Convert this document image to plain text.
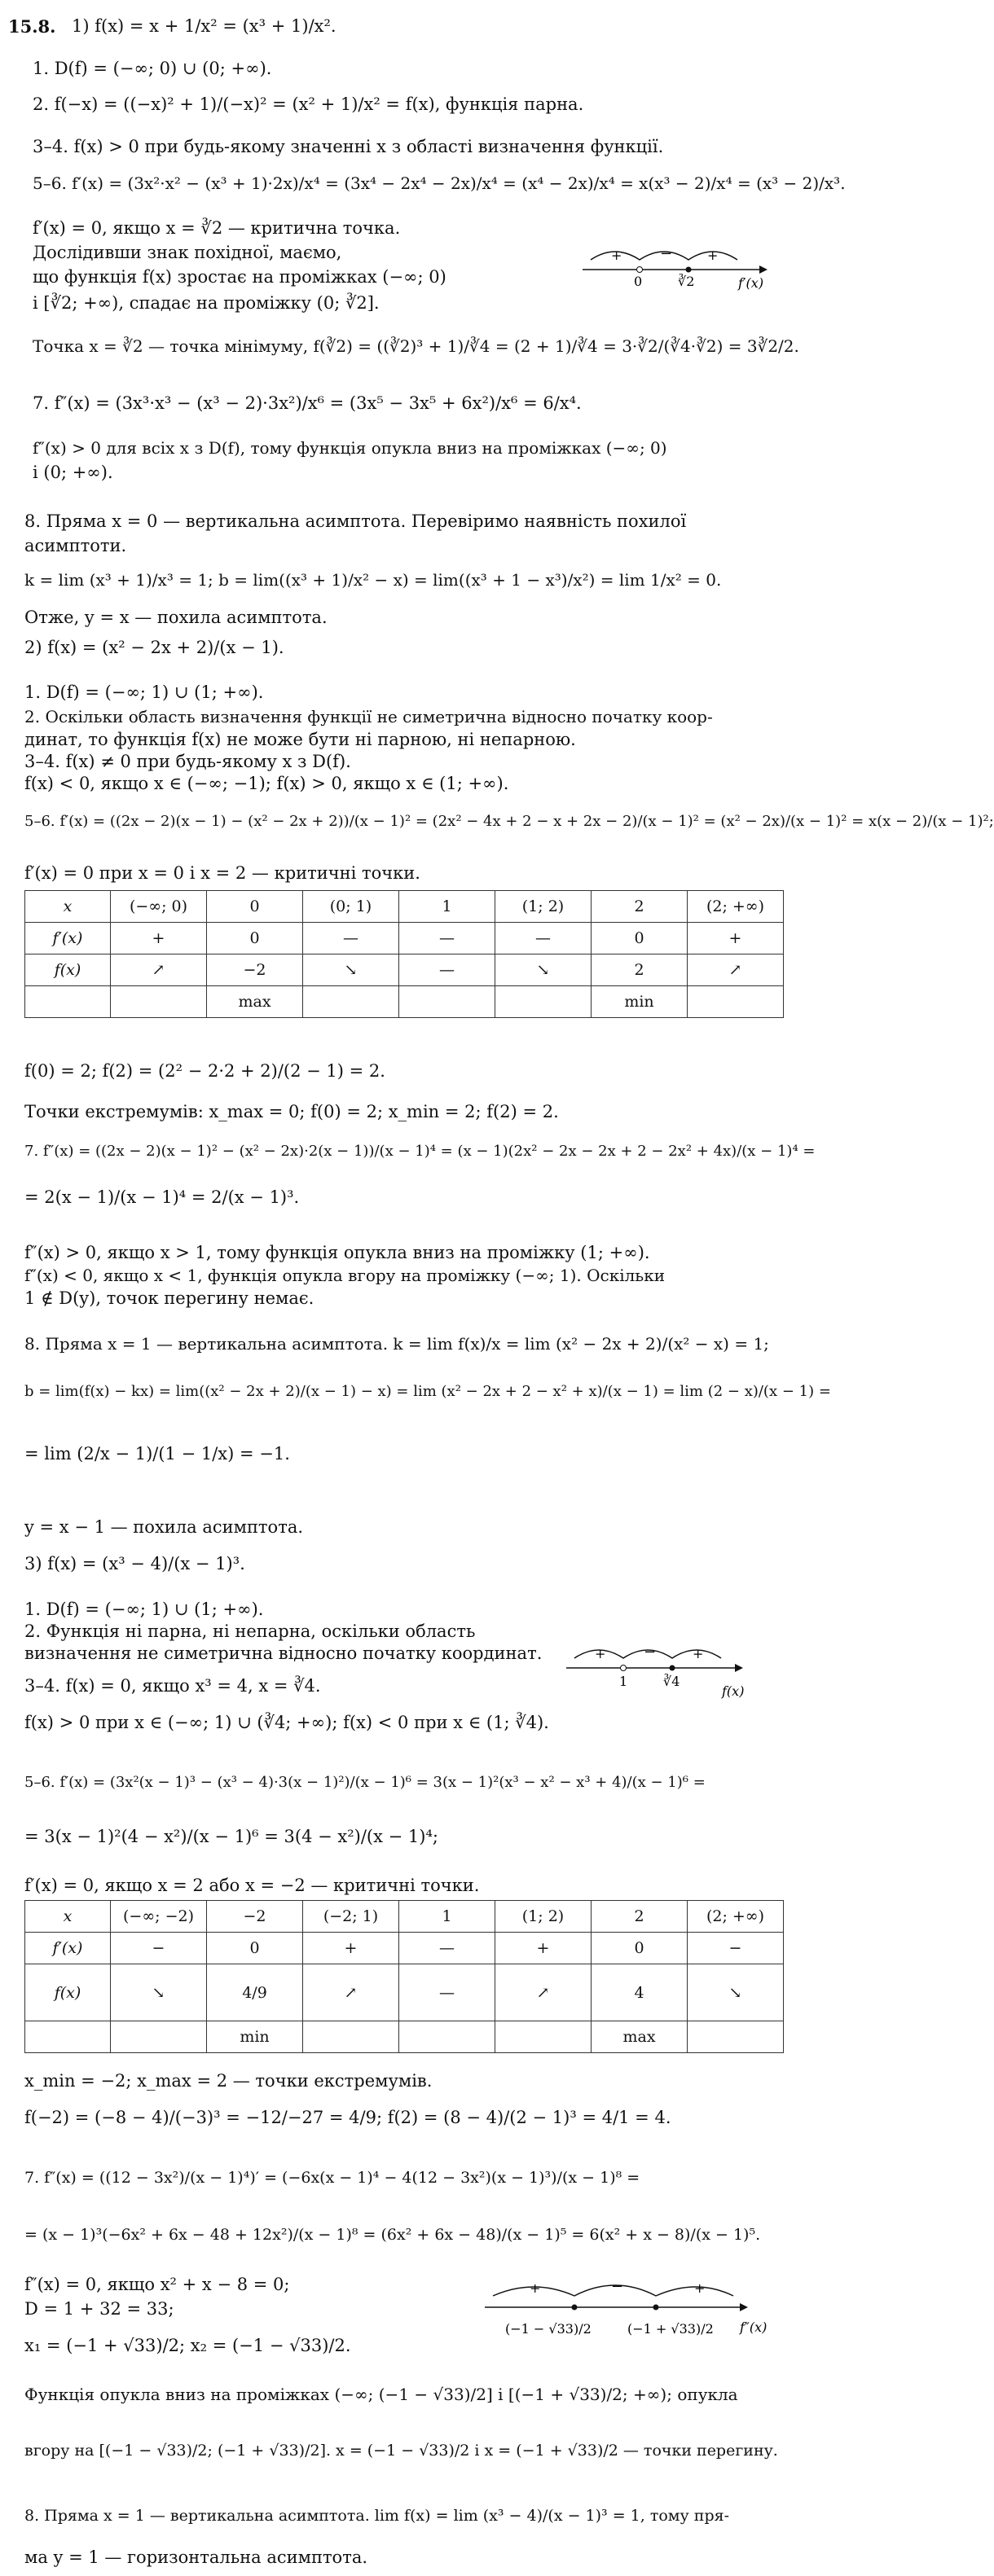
15.8. 1) f(x) = x + 1/x² = (x³ + 1)/x².
1. D(f) = (−∞; 0) ∪ (0; +∞).
2. f(−x) = ((−x)² + 1)/(−x)² = (x² + 1)/x² = f(x), функція парна.
3–4. f(x) > 0 при будь-якому значенні x з області визначення функції.
5–6. f′(x) = (3x²·x² − (x³ + 1)·2x)/x⁴ = (3x⁴ − 2x⁴ − 2x)/x⁴ = (x⁴ − 2x)/x⁴ = x(x³ − 2)/x⁴ = (x³ − 2)/x³.
f′(x) = 0, якщо x = ∛2 — критична точка.
Дослідивши знак похідної, маємо,
що функція f(x) зростає на проміжках (−∞; 0)
і [∛2; +∞), спадає на проміжку (0; ∛2].
+	−	+
0	∛2	f′(x)
Точка x = ∛2 — точка мінімуму, f(∛2) = ((∛2)³ + 1)/∛4 = (2 + 1)/∛4 = 3·∛2/(∛4·∛2) = 3∛2/2.
7. f″(x) = (3x³·x³ − (x³ − 2)·3x²)/x⁶ = (3x⁵ − 3x⁵ + 6x²)/x⁶ = 6/x⁴.
f″(x) > 0 для всіх x з D(f), тому функція опукла вниз на проміжках (−∞; 0)
і (0; +∞).
8. Пряма x = 0 — вертикальна асимптота. Перевіримо наявність похилої
асимптоти.
k = lim (x³ + 1)/x³ = 1; b = lim((x³ + 1)/x² − x) = lim((x³ + 1 − x³)/x²) = lim 1/x² = 0.
Отже, y = x — похила асимптота.
2) f(x) = (x² − 2x + 2)/(x − 1).
1. D(f) = (−∞; 1) ∪ (1; +∞).
2. Оскільки область визначення функції не симетрична відносно початку коор-
динат, то функція f(x) не може бути ні парною, ні непарною.
3–4. f(x) ≠ 0 при будь-якому x з D(f).
f(x) < 0, якщо x ∈ (−∞; −1); f(x) > 0, якщо x ∈ (1; +∞).
5–6. f′(x) = ((2x − 2)(x − 1) − (x² − 2x + 2))/(x − 1)² = (2x² − 4x + 2 − x + 2x − 2)/(x − 1)² = (x² − 2x)/(x − 1)² = x(x − 2)/(x − 1)²;
f′(x) = 0 при x = 0 і x = 2 — критичні точки.
x	(−∞; 0)	0	(0; 1)	1	(1; 2)	2	(2; +∞)
f′(x)	+	0	—	—	—	0	+
f(x)	↗	−2	↘	—	↘	2	↗
		max				min	
f(0) = 2; f(2) = (2² − 2·2 + 2)/(2 − 1) = 2.
Точки екстремумів: x_max = 0; f(0) = 2; x_min = 2; f(2) = 2.
7. f″(x) = ((2x − 2)(x − 1)² − (x² − 2x)·2(x − 1))/(x − 1)⁴ = (x − 1)(2x² − 2x − 2x + 2 − 2x² + 4x)/(x − 1)⁴ =
= 2(x − 1)/(x − 1)⁴ = 2/(x − 1)³.
f″(x) > 0, якщо x > 1, тому функція опукла вниз на проміжку (1; +∞).
f″(x) < 0, якщо x < 1, функція опукла вгору на проміжку (−∞; 1). Оскільки
1 ∉ D(y), точок перегину немає.
8. Пряма x = 1 — вертикальна асимптота. k = lim f(x)/x = lim (x² − 2x + 2)/(x² − x) = 1;
b = lim(f(x) − kx) = lim((x² − 2x + 2)/(x − 1) − x) = lim (x² − 2x + 2 − x² + x)/(x − 1) = lim (2 − x)/(x − 1) =
= lim (2/x − 1)/(1 − 1/x) = −1.
y = x − 1 — похила асимптота.
3) f(x) = (x³ − 4)/(x − 1)³.
1. D(f) = (−∞; 1) ∪ (1; +∞).
2. Функція ні парна, ні непарна, оскільки область
визначення не симетрична відносно початку координат.	+	−	+
1	∛4
f(x)
3–4. f(x) = 0, якщо x³ = 4, x = ∛4.
f(x) > 0 при x ∈ (−∞; 1) ∪ (∛4; +∞); f(x) < 0 при x ∈ (1; ∛4).
5–6. f′(x) = (3x²(x − 1)³ − (x³ − 4)·3(x − 1)²)/(x − 1)⁶ = 3(x − 1)²(x³ − x² − x³ + 4)/(x − 1)⁶ =
= 3(x − 1)²(4 − x²)/(x − 1)⁶ = 3(4 − x²)/(x − 1)⁴;
f′(x) = 0, якщо x = 2 або x = −2 — критичні точки.
x	(−∞; −2)	−2	(−2; 1)	1	(1; 2)	2	(2; +∞)
f′(x)	−	0	+	—	+	0	−
f(x)	↘	4/9	↗	—	↗	4	↘
		min				max	
x_min = −2; x_max = 2 — точки екстремумів.
f(−2) = (−8 − 4)/(−3)³ = −12/−27 = 4/9; f(2) = (8 − 4)/(2 − 1)³ = 4/1 = 4.
7. f″(x) = ((12 − 3x²)/(x − 1)⁴)′ = (−6x(x − 1)⁴ − 4(12 − 3x²)(x − 1)³)/(x − 1)⁸ =
= (x − 1)³(−6x² + 6x − 48 + 12x²)/(x − 1)⁸ = (6x² + 6x − 48)/(x − 1)⁵ = 6(x² + x − 8)/(x − 1)⁵.
f″(x) = 0, якщо x² + x − 8 = 0;
D = 1 + 32 = 33;
x₁ = (−1 + √33)/2; x₂ = (−1 − √33)/2.
+	−	+
(−1 − √33)/2	(−1 + √33)/2 f″(x)
Функція опукла вниз на проміжках (−∞; (−1 − √33)/2] і [(−1 + √33)/2; +∞); опукла
вгору на [(−1 − √33)/2; (−1 + √33)/2]. x = (−1 − √33)/2 і x = (−1 + √33)/2 — точки перегину.
8. Пряма x = 1 — вертикальна асимптота. lim f(x) = lim (x³ − 4)/(x − 1)³ = 1, тому пря-
ма y = 1 — горизонтальна асимптота.
